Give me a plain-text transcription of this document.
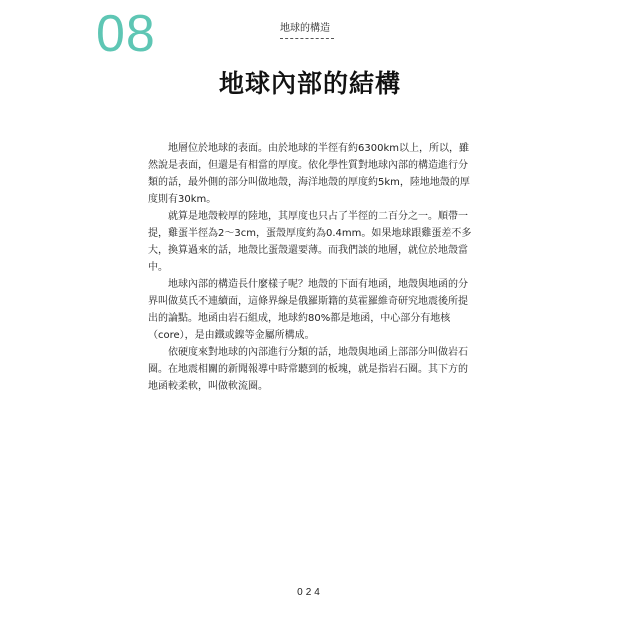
08	地球的構造
地球內部的結構
地層位於地球的表面。由於地球的半徑有約6300km以上，所以，雖
然說是表面，但還是有相當的厚度。依化學性質對地球內部的構造進行分
類的話，最外側的部分叫做地殼，海洋地殼的厚度約5km，陸地地殼的厚
度則有30km。
就算是地殼較厚的陸地，其厚度也只占了半徑的二百分之一。順帶一
提，雞蛋半徑為2～3cm，蛋殼厚度約為0.4mm。如果地球跟雞蛋差不多
大，換算過來的話，地殼比蛋殼還要薄。而我們談的地層，就位於地殼當
中。
地球內部的構造長什麼樣子呢？地殼的下面有地函，地殼與地函的分
界叫做莫氏不連續面，這條界線是俄羅斯籍的莫霍羅維奇研究地震後所提
出的論點。地函由岩石組成，地球約80%都是地函，中心部分有地核
（core），是由鐵或鎳等金屬所構成。
依硬度來對地球的內部進行分類的話，地殼與地函上部部分叫做岩石
圈。在地震相關的新聞報導中時常聽到的板塊，就是指岩石圈。其下方的
地函較柔軟，叫做軟流圈。
024
